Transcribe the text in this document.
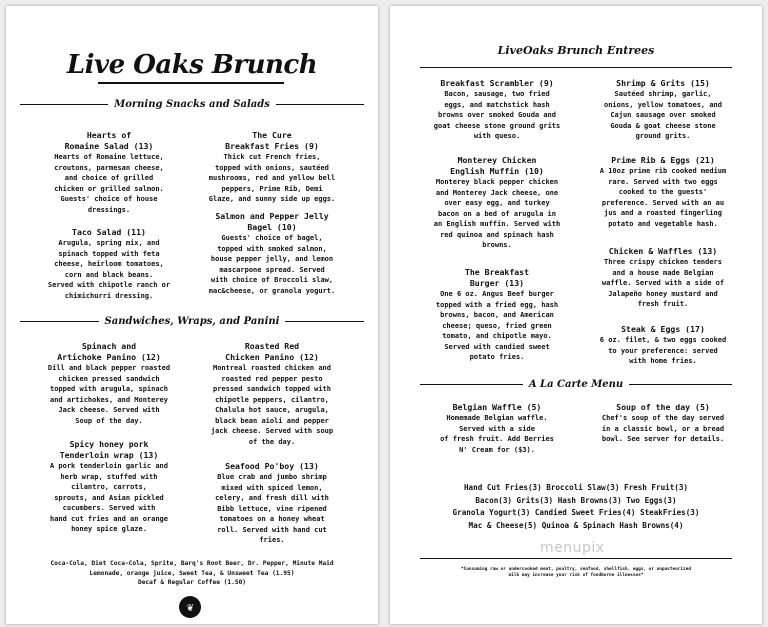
Live Oaks Brunch
Morning Snacks and Salads
Hearts of
Romaine Salad (13)
Hearts of Romaine lettuce,
croutons, parmesan cheese,
and choice of grilled
chicken or grilled salmon.
Guests' choice of house
dressings.
Taco Salad (11)
Arugula, spring mix, and
spinach topped with feta
cheese, heirloom tomatoes,
corn and black beans.
Served with chipotle ranch or
chimichurri dressing.
The Cure
Breakfast Fries (9)
Thick cut French fries,
topped with onions, sautéed
mushrooms, red and yellow bell
peppers, Prime Rib, Demi
Glaze, and sunny side up eggs.
Salmon and Pepper Jelly
Bagel (10)
Guests' choice of bagel,
topped with smoked salmon,
house pepper jelly, and lemon
mascarpone spread. Served
with choice of Broccoli slaw,
mac&cheese, or granola yogurt.
Sandwiches, Wraps, and Panini
Spinach and
Artichoke Panino (12)
Dill and black pepper roasted
chicken pressed sandwich
topped with arugula, spinach
and artichokes, and Monterey
Jack cheese. Served with
Soup of the day.
Spicy honey pork
Tenderloin wrap (13)
A pork tenderloin garlic and
herb wrap, stuffed with
cilantro, carrots,
sprouts, and Asian pickled
cucumbers. Served with
hand cut fries and an orange
honey spice glaze.
Roasted Red
Chicken Panino (12)
Montreal roasted chicken and
roasted red pepper pesto
pressed sandwich topped with
chipotle peppers, cilantro,
Chalula hot sauce, arugula,
black bean aioli and pepper
jack cheese. Served with soup
of the day.
Seafood Po'boy (13)
Blue crab and jumbo shrimp
mixed with spiced lemon,
celery, and fresh dill with
Bibb lettuce, vine ripened
tomatoes on a honey wheat
roll. Served with hand cut
fries.
Coca-Cola, Diet Coca-Cola, Sprite, Barq's Root Beer, Dr. Pepper, Minute Maid
Lemonade, orange juice, Sweet Tea, & Unsweet Tea (1.95)
Decaf & Regular Coffee (1.50)
❦
LiveOaks Brunch Entrees
Breakfast Scrambler (9)
Bacon, sausage, two fried
eggs, and matchstick hash
browns over smoked Gouda and
goat cheese stone ground grits
with queso.
Monterey Chicken
English Muffin (10)
Monterey black pepper chicken
and Monterey Jack cheese, one
over easy egg, and turkey
bacon on a bed of arugula in
an English muffin. Served with
red quinoa and spinach hash
browns.
The Breakfast
Burger (13)
One 6 oz. Angus Beef burger
topped with a fried egg, hash
browns, bacon, and American
cheese; queso, fried green
tomato, and chipotle mayo.
Served with candied sweet
potato fries.
Shrimp & Grits (15)
Sautéed shrimp, garlic,
onions, yellow tomatoes, and
Cajun sausage over smoked
Gouda & goat cheese stone
ground grits.
Prime Rib & Eggs (21)
A 10oz prime rib cooked medium
rare. Served with two eggs
cooked to the guests'
preference. Served with an au
jus and a roasted fingerling
potato and vegetable hash.
Chicken & Waffles (13)
Three crispy chicken tenders
and a house made Belgian
waffle. Served with a side of
Jalapeño honey mustard and
fresh fruit.
Steak & Eggs (17)
6 oz. filet, & two eggs cooked
to your preference: served
with home fries.
A La Carte Menu
Belgian Waffle (5)
Homemade Belgian waffle.
Served with a side
of fresh fruit. Add Berries
N' Cream for ($3).
Soup of the day (5)
Chef's soup of the day served
in a classic bowl, or a bread
bowl. See server for details.
Hand Cut Fries(3) Broccoli Slaw(3) Fresh Fruit(3)
Bacon(3) Grits(3) Hash Browns(3) Two Eggs(3)
Granola Yogurt(3) Candied Sweet Fries(4) SteakFries(3)
Mac & Cheese(5) Quinoa & Spinach Hash Browns(4)
menupix
*Consuming raw or undercooked meat, poultry, seafood, shellfish, eggs, or unpasteurized
milk may increase your risk of foodborne illnesses*
